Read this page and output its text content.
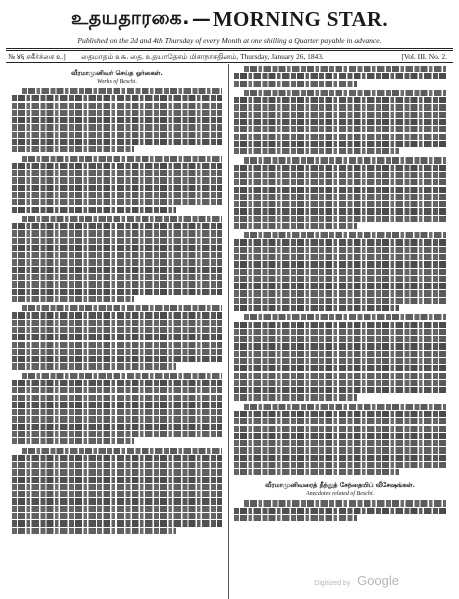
உதயதாரகை. — MORNING STAR.
Published on the 2d and 4th Thursday of every Month at one shilling a Quarter payable in advance.
№ ४६ சகீர்ச்சை ௨.] தைமாதம் ௨௬. தை. உதயாதேசம் மிசாநாசதினம், Thursday, January 26, 1843.	[Vol. III. No. 2.
வீரமாமுனிவர் செய்த ஓர்கைள்.
Works of Beschi.
வீரமாமுனிவரைத் தீந்துத் சேந்தையிப் வீசேஷங்கள்.
Anecdotes related of Beschi.
Digitized by Google
